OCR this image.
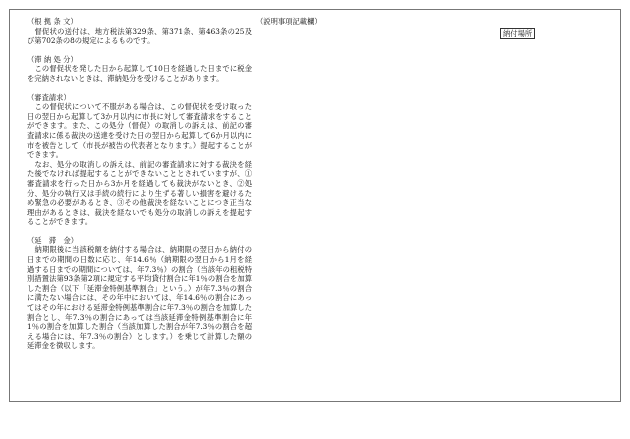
（根 拠 条 文）

督促状の送付は、地方税法第329条、第371条、第463条の25及び第702条の8の規定によるものです。

（滞 納 処 分）

この督促状を発した日から起算して10日を経過した日までに税金を完納されないときは、滞納処分を受けることがあります。

（審査請求）

この督促状について不服がある場合は、この督促状を受け取った日の翌日から起算して3か月以内に市長に対して審査請求をすることができます。また、この処分（督促）の取消しの訴えは、前記の審査請求に係る裁決の送達を受けた日の翌日から起算して6か月以内に市を被告として（市長が被告の代表者となります。）提起することができます。

なお、処分の取消しの訴えは、前記の審査請求に対する裁決を経た後でなければ提起することができないこととされていますが、①審査請求を行った日から3か月を経過しても裁決がないとき、②処分、処分の執行又は手続の続行により生ずる著しい損害を避けるため緊急の必要があるとき、③その他裁決を経ないことにつき正当な理由があるときは、裁決を経ないでも処分の取消しの訴えを提起することができます。

（延　滞　金）

納期限後に当該税額を納付する場合は、納期限の翌日から納付の日までの期間の日数に応じ、年14.6％（納期限の翌日から1月を経過する日までの期間については、年7.3％）の割合（当該年の租税特別措置法第93条第2項に規定する平均貸付割合に年1％の割合を加算した割合（以下「延滞金特例基準割合」という。）が年7.3％の割合に満たない場合には、その年中においては、年14.6％の割合にあってはその年における延滞金特例基準割合に年7.3％の割合を加算した割合とし、年7.3％の割合にあっては当該延滞金特例基準割合に年1％の割合を加算した割合（当該加算した割合が年7.3％の割合を超える場合には、年7.3％の割合）とします。）を乗じて計算した額の延滞金を徴収します。

（説明事項記載欄）
納付場所
